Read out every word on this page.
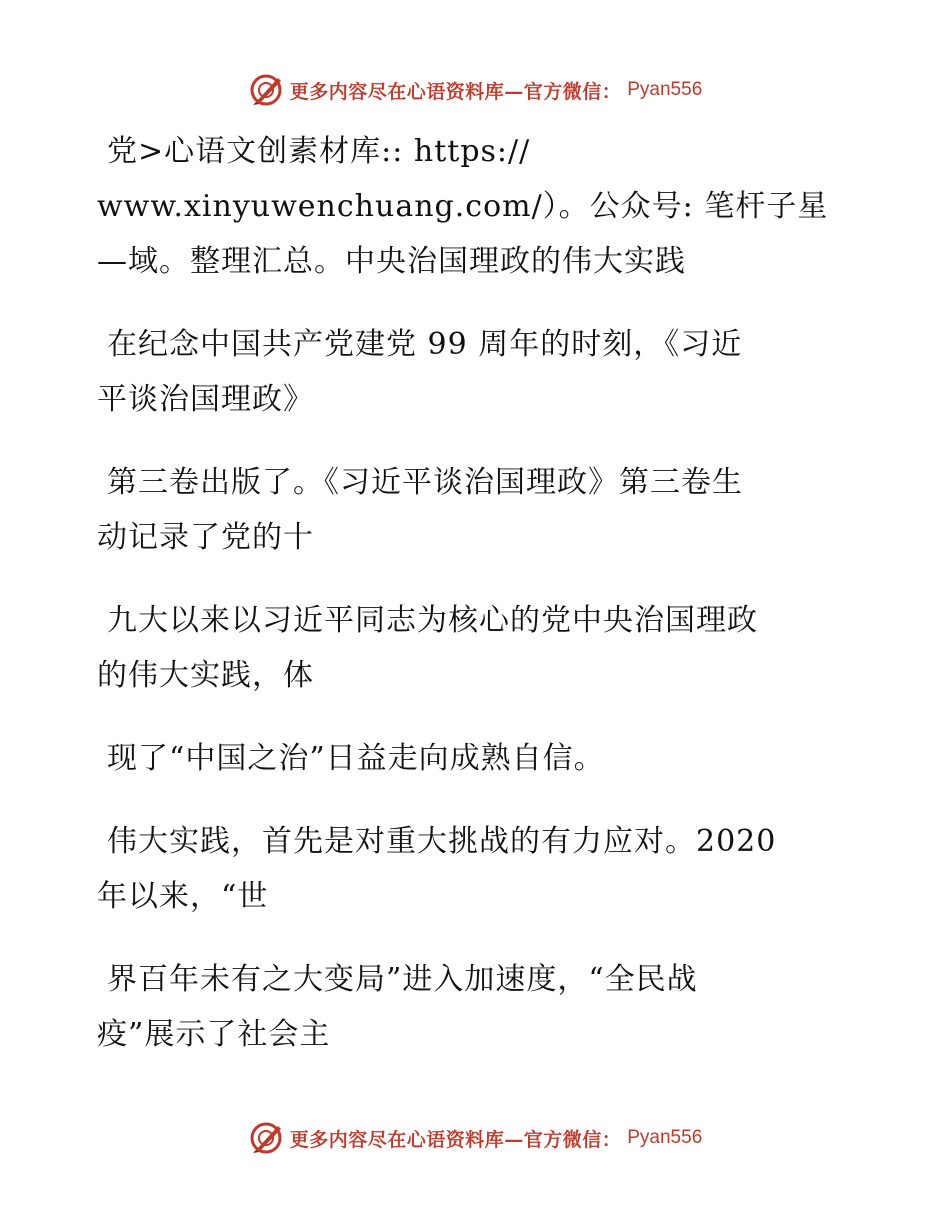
更多内容尽在心语资料库—官方微信： Pyan556
党>心语文创素材库:: https://
www.xinyuwenchuang.com/）。公众号: 笔杆子星
—域。整理汇总。中央治国理政的伟大实践
在纪念中国共产党建党 99 周年的时刻，《习近
平谈治国理政》
第三卷出版了。《习近平谈治国理政》第三卷生
动记录了党的十
九大以来以习近平同志为核心的党中央治国理政
的伟大实践，体
现了“中国之治”日益走向成熟自信。
伟大实践，首先是对重大挑战的有力应对。2020
年以来，“世
界百年未有之大变局”进入加速度，“全民战
疫”展示了社会主
更多内容尽在心语资料库—官方微信： Pyan556
